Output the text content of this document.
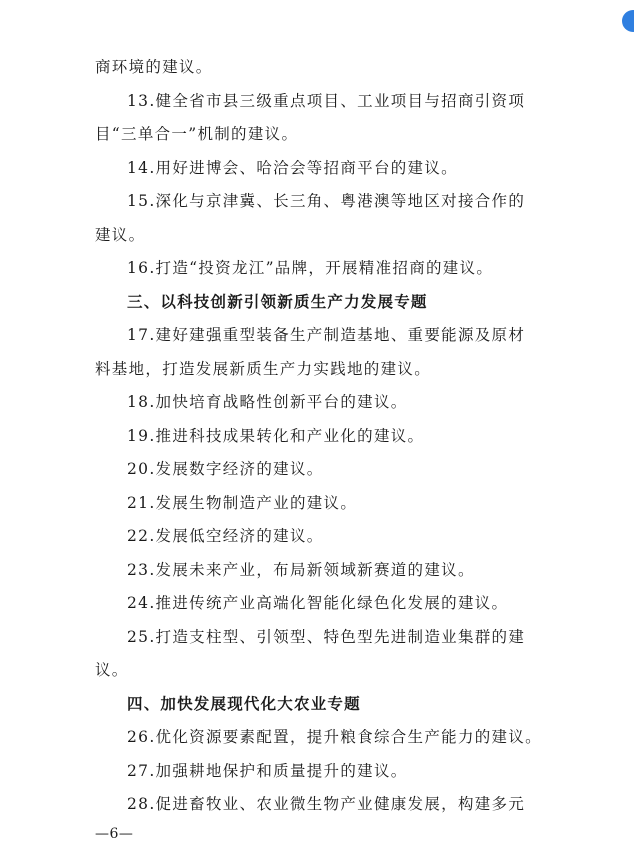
商环境的建议。
13.健全省市县三级重点项目、工业项目与招商引资项
目“三单合一”机制的建议。
14.用好进博会、哈洽会等招商平台的建议。
15.深化与京津冀、长三角、粤港澳等地区对接合作的
建议。
16.打造“投资龙江”品牌，开展精准招商的建议。
三、以科技创新引领新质生产力发展专题
17.建好建强重型装备生产制造基地、重要能源及原材
料基地，打造发展新质生产力实践地的建议。
18.加快培育战略性创新平台的建议。
19.推进科技成果转化和产业化的建议。
20.发展数字经济的建议。
21.发展生物制造产业的建议。
22.发展低空经济的建议。
23.发展未来产业，布局新领域新赛道的建议。
24.推进传统产业高端化智能化绿色化发展的建议。
25.打造支柱型、引领型、特色型先进制造业集群的建
议。
四、加快发展现代化大农业专题
26.优化资源要素配置，提升粮食综合生产能力的建议。
27.加强耕地保护和质量提升的建议。
28.促进畜牧业、农业微生物产业健康发展，构建多元
—6—
